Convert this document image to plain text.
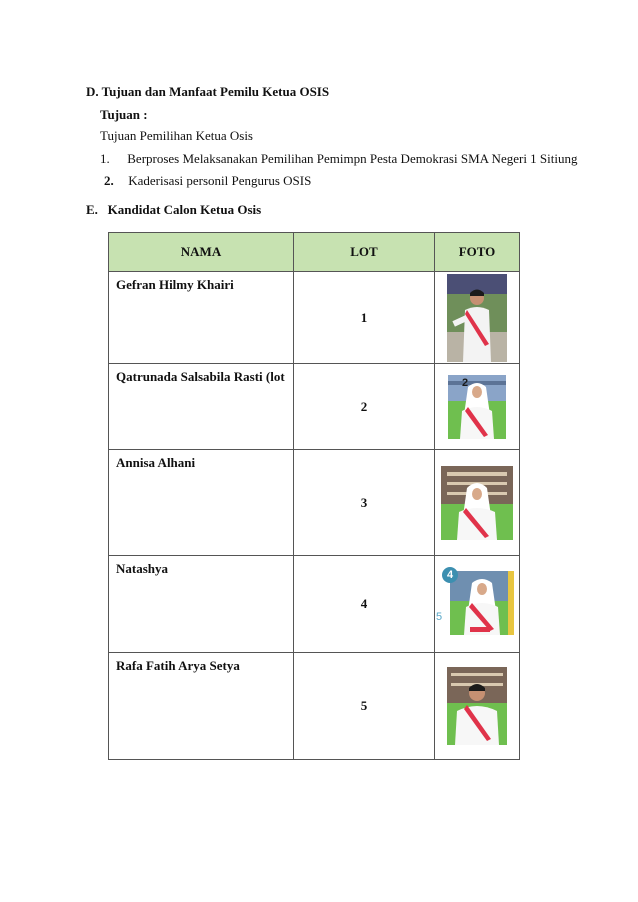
D. Tujuan dan Manfaat Pemilu Ketua OSIS
Tujuan :
Tujuan Pemilihan Ketua Osis
1. Berproses Melaksanakan Pemilihan Pemimpn Pesta Demokrasi SMA Negeri 1 Sitiung
2. Kaderisasi personil Pengurus OSIS
E.   Kandidat Calon Ketua Osis
NAMA	LOT	FOTO
Gefran Hilmy Khairi	1	

Qatrunada Salsabila Rasti (lot	2	2

Annisa Alhani	3	

Natashya	4	4
5

Rafa Fatih Arya Setya	5	
